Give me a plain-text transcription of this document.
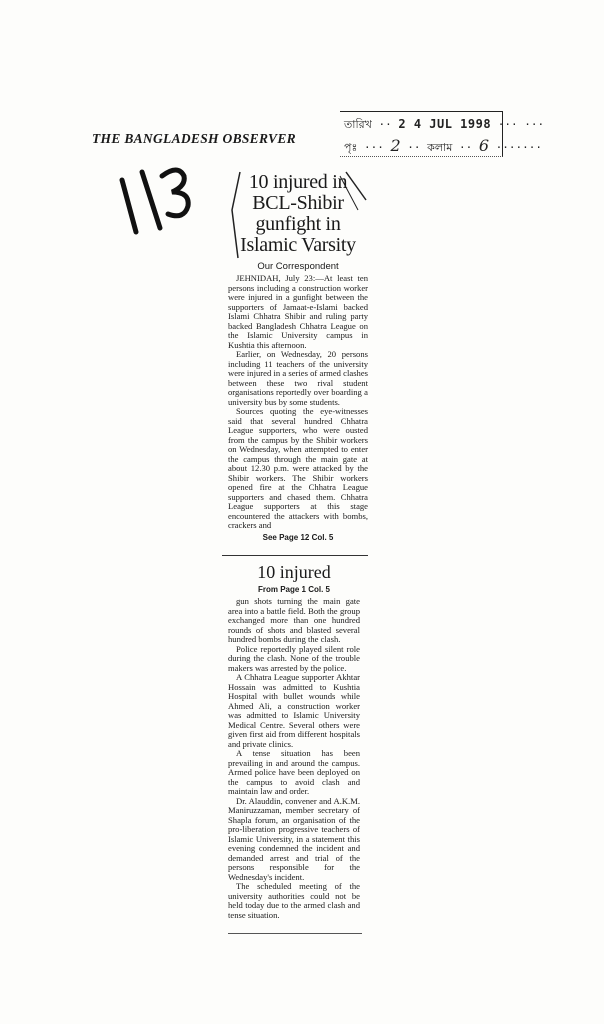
THE BANGLADESH OBSERVER
তারিখ ·· 2 4 JUL 1998 ··· ···
পৃঃ ··· 2 ·· কলাম ·· 6 ·······
10 injured in BCL-Shibir gunfight in Islamic Varsity
Our Correspondent

JEHNIDAH, July 23:—At least ten persons including a construction worker were injured in a gunfight between the supporters of Jamaat-e-Islami backed Islami Chhatra Shibir and ruling party backed Bangladesh Chhatra League on the Islamic University campus in Kushtia this afternoon.

Earlier, on Wednesday, 20 persons including 11 teachers of the university were injured in a series of armed clashes between these two rival student organisations reportedly over boarding a university bus by some students.

Sources quoting the eye-witnesses said that several hundred Chhatra League supporters, who were ousted from the campus by the Shibir workers on Wednesday, when attempted to enter the campus through the main gate at about 12.30 p.m. were attacked by the Shibir workers. The Shibir workers opened fire at the Chhatra League supporters and chased them. Chhatra League supporters at this stage encountered the attackers with bombs, crackers and

See Page 12 Col. 5
10 injured
From Page 1 Col. 5

gun shots turning the main gate area into a battle field. Both the group exchanged more than one hundred rounds of shots and blasted several hundred bombs during the clash.

Police reportedly played silent role during the clash. None of the trouble makers was arrested by the police.

A Chhatra League supporter Akhtar Hossain was admitted to Kushtia Hospital with bullet wounds while Ahmed Ali, a construction worker was admitted to Islamic University Medical Centre. Several others were given first aid from different hospitals and private clinics.

A tense situation has been prevailing in and around the campus. Armed police have been deployed on the campus to avoid clash and maintain law and order.

Dr. Alauddin, convener and A.K.M. Maniruzzaman, member secretary of Shapla forum, an organisation of the pro-liberation progressive teachers of Islamic University, in a statement this evening condemned the incident and demanded arrest and trial of the persons responsible for the Wednesday's incident.

The scheduled meeting of the university authorities could not be held today due to the armed clash and tense situation.
